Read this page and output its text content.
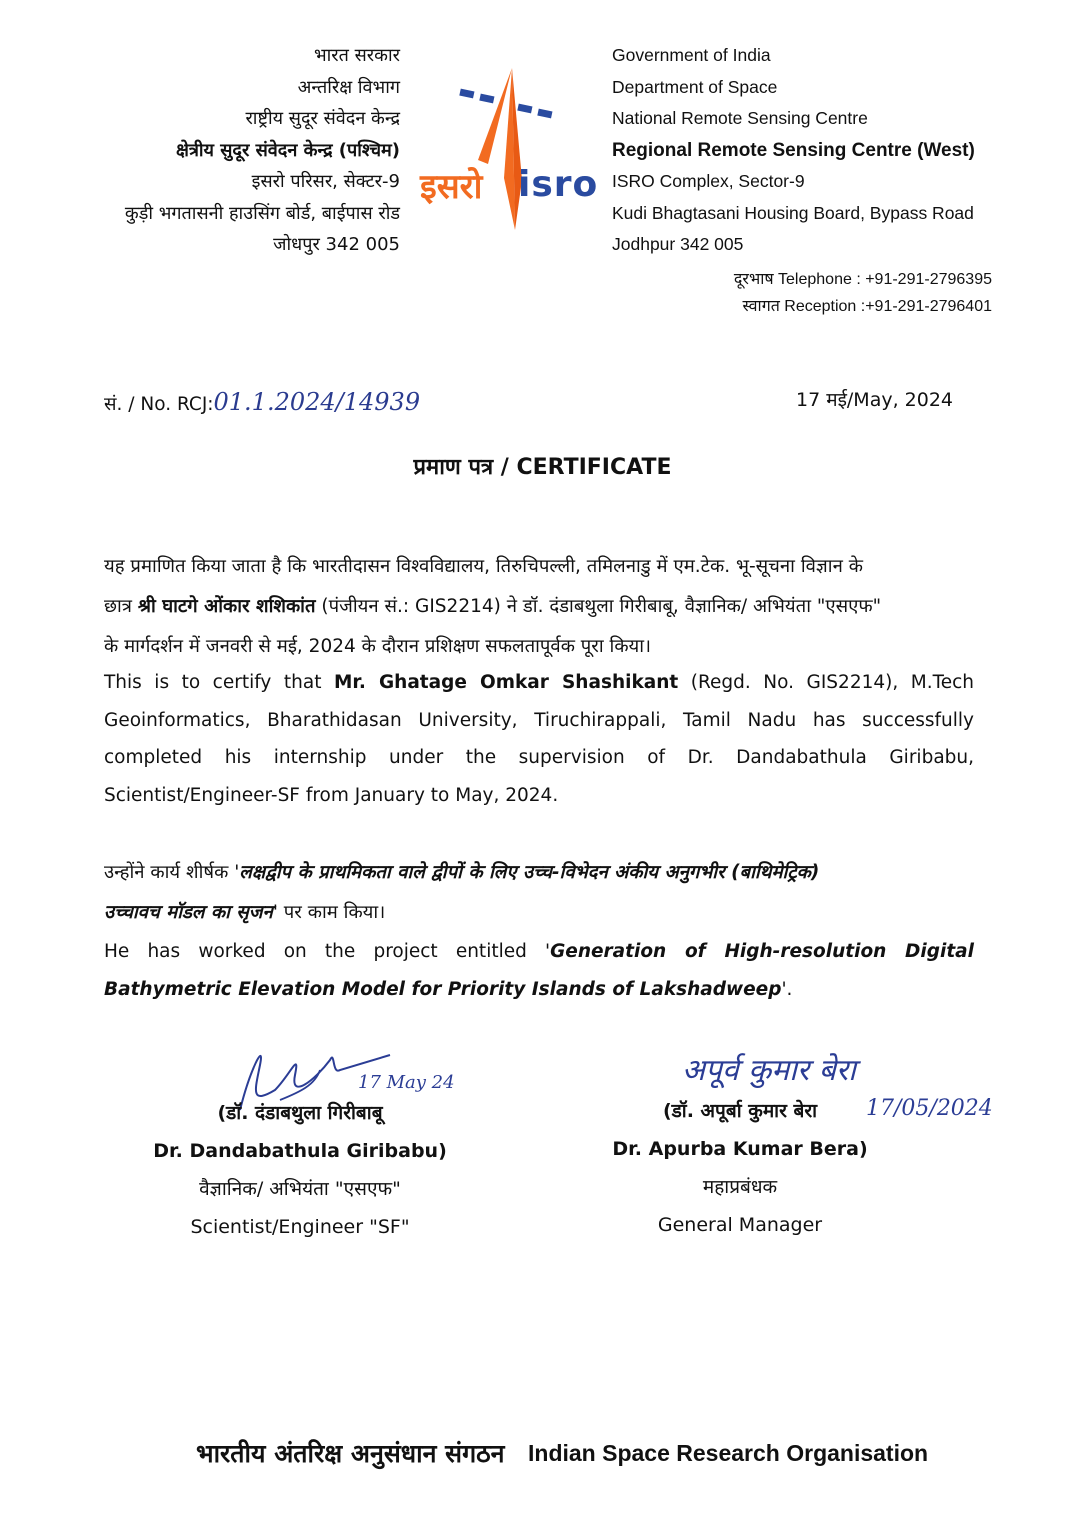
भारत सरकार
अन्तरिक्ष विभाग
राष्ट्रीय सुदूर संवेदन केन्द्र
क्षेत्रीय सुदूर संवेदन केन्द्र (पश्चिम)
इसरो परिसर, सेक्टर-9
कुड़ी भगतासनी हाउसिंग बोर्ड, बाईपास रोड
जोधपुर 342 005
इसरो isro
Government of India
Department of Space
National Remote Sensing Centre
Regional Remote Sensing Centre (West)
ISRO Complex, Sector-9
Kudi Bhagtasani Housing Board, Bypass Road
Jodhpur 342 005
दूरभाष Telephone : +91-291-2796395
स्वागत Reception :+91-291-2796401
सं. / No. RCJ:01.1.2024/14939	17 मई/May, 2024
प्रमाण पत्र / CERTIFICATE
यह प्रमाणित किया जाता है कि भारतीदासन विश्वविद्यालय, तिरुचिपल्ली, तमिलनाडु में एम.टेक. भू-सूचना विज्ञान के
छात्र श्री घाटगे ओंकार शशिकांत (पंजीयन सं.: GIS2214) ने डॉ. दंडाबथुला गिरीबाबू, वैज्ञानिक/ अभियंता "एसएफ"
के मार्गदर्शन में जनवरी से मई, 2024 के दौरान प्रशिक्षण सफलतापूर्वक पूरा किया।
This is to certify that Mr. Ghatage Omkar Shashikant (Regd. No. GIS2214), M.Tech Geoinformatics, Bharathidasan University, Tiruchirappali, Tamil Nadu has successfully completed his internship under the supervision of Dr. Dandabathula Giribabu, Scientist/Engineer-SF from January to May, 2024.
उन्होंने कार्य शीर्षक 'लक्षद्वीप के प्राथमिकता वाले द्वीपों के लिए उच्च-विभेदन अंकीय अनुगभीर (बाथिमेट्रिक)
उच्चावच मॉडल का सृजन' पर काम किया।
He has worked on the project entitled 'Generation of High-resolution Digital Bathymetric Elevation Model for Priority Islands of Lakshadweep'.
17 May 24
(डॉ. दंडाबथुला गिरीबाबू
Dr. Dandabathula Giribabu)
वैज्ञानिक/ अभियंता "एसएफ"
Scientist/Engineer "SF"
अपूर्व कुमार बेरा
17/05/2024
(डॉ. अपूर्बा कुमार बेरा
Dr. Apurba Kumar Bera)
महाप्रबंधक
General Manager
भारतीय अंतरिक्ष अनुसंधान संगठन Indian Space Research Organisation
